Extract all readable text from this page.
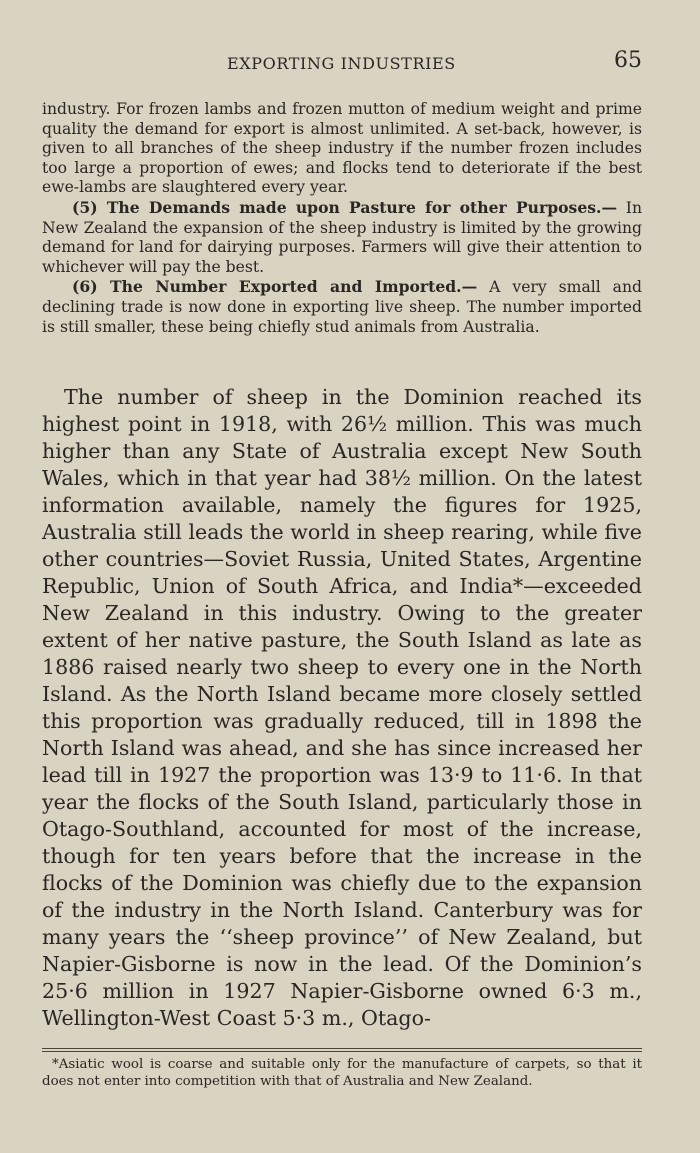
EXPORTING INDUSTRIES	65

industry. For frozen lambs and frozen mutton of medium weight and prime quality the demand for export is almost unlimited. A set-back, however, is given to all branches of the sheep industry if the number frozen includes too large a proportion of ewes; and flocks tend to deteriorate if the best ewe-lambs are slaughtered every year.

(5) The Demands made upon Pasture for other Purposes.— In New Zealand the expansion of the sheep industry is limited by the growing demand for land for dairying purposes. Farmers will give their attention to whichever will pay the best.

(6) The Number Exported and Imported.— A very small and declining trade is now done in exporting live sheep. The number imported is still smaller, these being chiefly stud animals from Australia.

The number of sheep in the Dominion reached its highest point in 1918, with 26½ million. This was much higher than any State of Australia except New South Wales, which in that year had 38½ million. On the latest information available, namely the figures for 1925, Australia still leads the world in sheep rearing, while five other countries—Soviet Russia, United States, Argentine Republic, Union of South Africa, and India*—exceeded New Zealand in this industry. Owing to the greater extent of her native pasture, the South Island as late as 1886 raised nearly two sheep to every one in the North Island. As the North Island became more closely settled this proportion was gradually reduced, till in 1898 the North Island was ahead, and she has since increased her lead till in 1927 the proportion was 13·9 to 11·6. In that year the flocks of the South Island, particularly those in Otago-Southland, accounted for most of the increase, though for ten years before that the increase in the flocks of the Dominion was chiefly due to the expansion of the industry in the North Island. Canterbury was for many years the ‘‘sheep province’’ of New Zealand, but Napier-Gisborne is now in the lead. Of the Dominion’s 25·6 million in 1927 Napier-Gisborne owned 6·3 m., Wellington-West Coast 5·3 m., Otago-

*Asiatic wool is coarse and suitable only for the manufacture of carpets, so that it does not enter into competition with that of Australia and New Zealand.
